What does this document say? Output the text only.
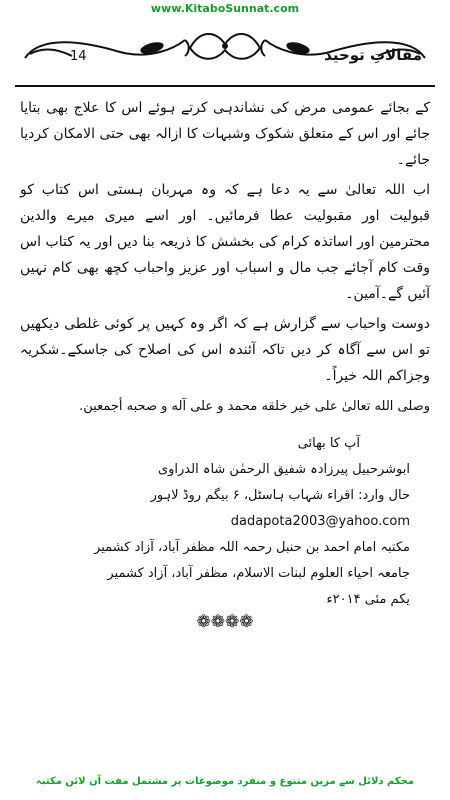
www.KitaboSunnat.com
14	مقالاتِ توحید

کے بجائے عمومی مرض کی نشاندہی کرتے ہوئے اس کا علاج بھی بتایا جائے اور اس کے متعلق شکوک وشبہات کا ازالہ بھی حتی الامکان کردیا جائے۔

اب اللہ تعالیٰ سے یہ دعا ہے کہ وہ مہربان ہستی اس کتاب کو قبولیت اور مقبولیت عطا فرمائیں۔ اور اسے میری میرے والدین محترمین اور اساتذہ کرام کی بخشش کا ذریعہ بنا دیں اور یہ کتاب اس وقت کام آجائے جب مال و اسباب اور عزیز واحباب کچھ بھی کام نہیں آئیں گے۔آمین۔

دوست واحباب سے گزارش ہے کہ اگر وہ کہیں پر کوئی غلطی دیکھیں تو اس سے آگاہ کر دیں تاکہ آئندہ اس کی اصلاح کی جاسکے۔شکریہ وجزاکم اللہ خیراً۔

وصلى الله تعالىٰ على خير خلقه محمد و على آله و صحبه أجمعين.

آپ کا بھائی
ابوشرحبیل پیرزادہ شفیق الرحمٰن شاہ الدراوی
حال وارد: اقراء شہاب ہاسٹل، ۶ بیگم روڈ لاہور
dadapota2003@yahoo.com
مکتبہ امام احمد بن حنبل رحمہ اللہ مظفر آباد، آزاد کشمیر
جامعہ احیاء العلوم لبنات الاسلام، مظفر آباد، آزاد کشمیر
یکم مئی ۲۰۱۴ء
❁❁❁❁
محکم دلائل سے مزین متنوع و منفرد موضوعات پر مشتمل مفت آن لائن مکتبہ
